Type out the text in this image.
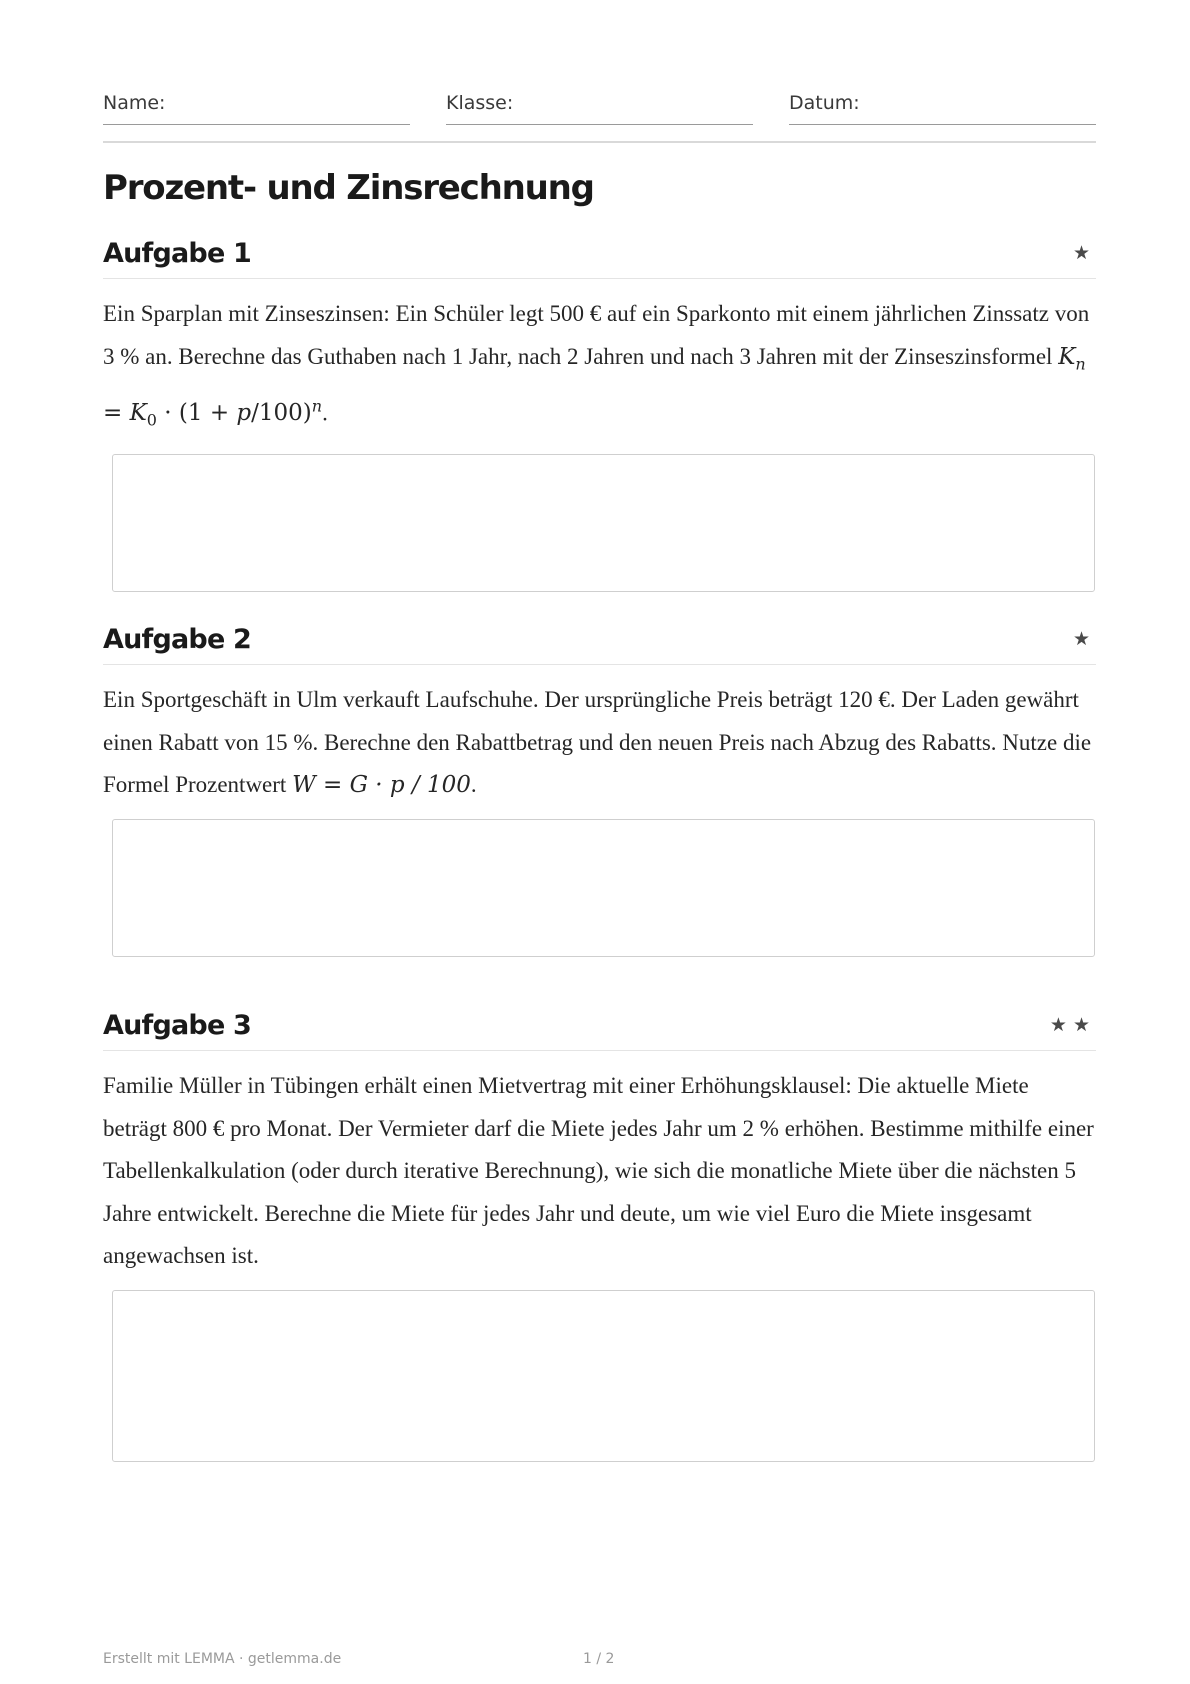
Name:	Klasse:	Datum:
Prozent- und Zinsrechnung
Aufgabe 1	★

Ein Sparplan mit Zinseszinsen: Ein Schüler legt 500 € auf ein Sparkonto mit einem jährlichen Zinssatz von 3 % an. Berechne das Guthaben nach 1 Jahr, nach 2 Jahren und nach 3 Jahren mit der Zinseszinsformel $K_n = K_0 \cdot (1 + p/100)^n$.

Aufgabe 2	★

Ein Sportgeschäft in Ulm verkauft Laufschuhe. Der ursprüngliche Preis beträgt 120 €. Der Laden gewährt einen Rabatt von 15 %. Berechne den Rabattbetrag und den neuen Preis nach Abzug des Rabatts. Nutze die Formel Prozentwert W = G · p / 100.

Aufgabe 3	★★

Familie Müller in Tübingen erhält einen Mietvertrag mit einer Erhöhungsklausel: Die aktuelle Miete beträgt 800 € pro Monat. Der Vermieter darf die Miete jedes Jahr um 2 % erhöhen. Bestimme mithilfe einer Tabellenkalkulation (oder durch iterative Berechnung), wie sich die monatliche Miete über die nächsten 5 Jahre entwickelt. Berechne die Miete für jedes Jahr und deute, um wie viel Euro die Miete insgesamt angewachsen ist.

Erstellt mit LEMMA · getlemma.de	1 / 2
